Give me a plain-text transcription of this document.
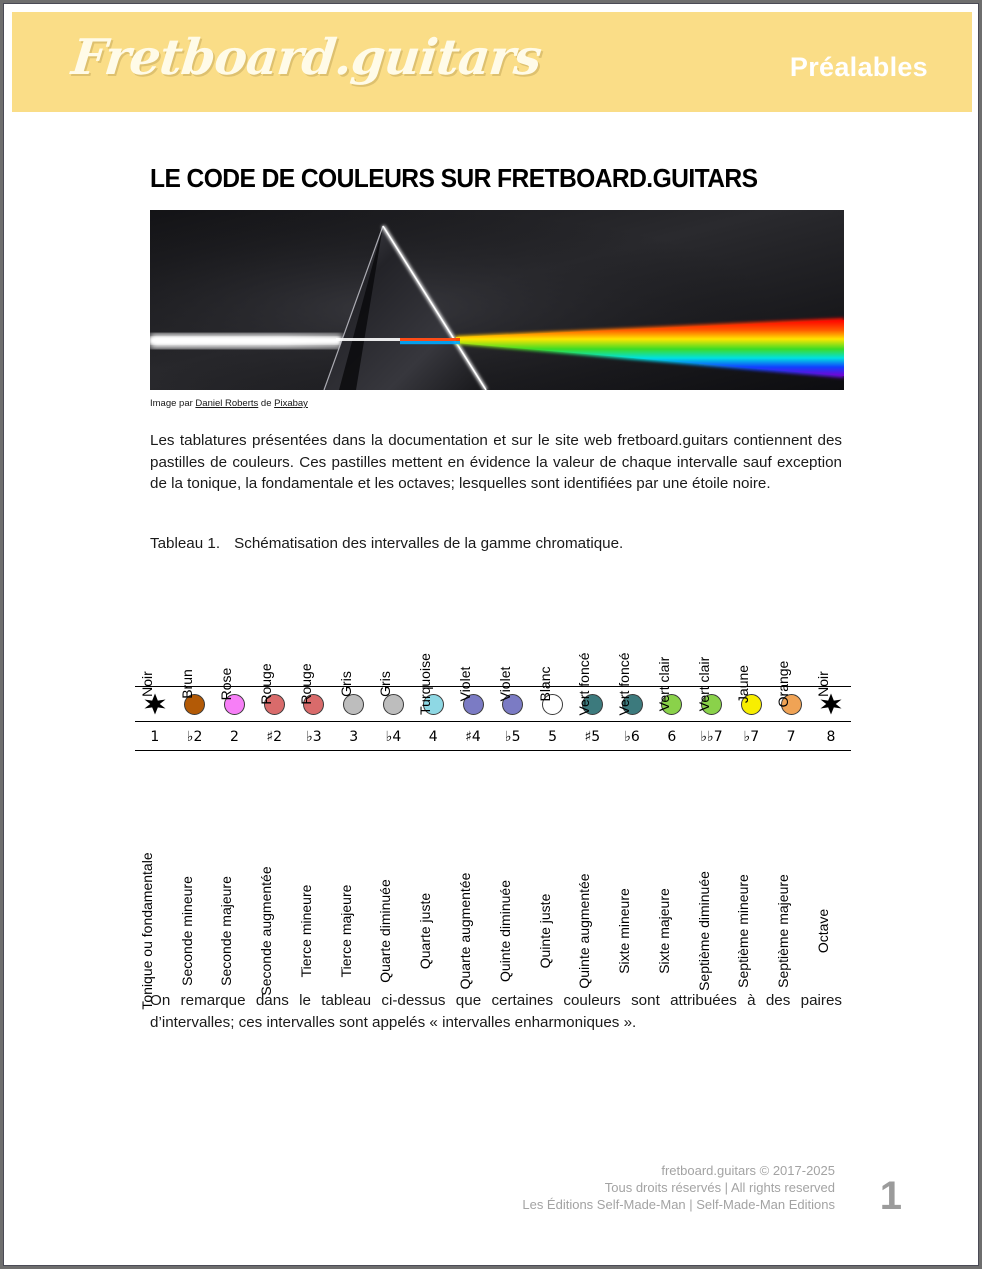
Fretboard.guitars	Préalables
LE CODE DE COULEURS SUR FRETBOARD.GUITARS
Image par Daniel Roberts de Pixabay
Les tablatures présentées dans la documentation et sur le site web fretboard.guitars contiennent des pastilles de couleurs. Ces pastilles mettent en évidence la valeur de chaque intervalle sauf exception de la tonique, la fondamentale et les octaves; lesquelles sont identifiées par une étoile noire.
Tableau 1. Schématisation des intervalles de la gamme chromatique.
Noir	Brun	Rose	Rouge	Rouge	Gris	Gris	Turquoise	Violet	Violet	Blanc	Vert foncé	Vert foncé	Vert clair	Vert clair	Jaune	Orange	Noir

1	♭2	2	♯2	♭3	3	♭4	4	♯4	♭5	5	♯5	♭6	6	♭♭7	♭7	7	8

Tonique ou fondamentale	Seconde mineure	Seconde majeure	Seconde augmentée	Tierce mineure	Tierce majeure	Quarte diminuée	Quarte juste	Quarte augmentée	Quinte diminuée	Quinte juste	Quinte augmentée	Sixte mineure	Sixte majeure	Septième diminuée	Septième mineure	Septième majeure	Octave
On remarque dans le tableau ci-dessus que certaines couleurs sont attribuées à des paires d’intervalles; ces intervalles sont appelés « intervalles enharmoniques ».
fretboard.guitars © 2017-2025
Tous droits réservés | All rights reserved
Les Éditions Self-Made-Man | Self-Made-Man Editions 1
